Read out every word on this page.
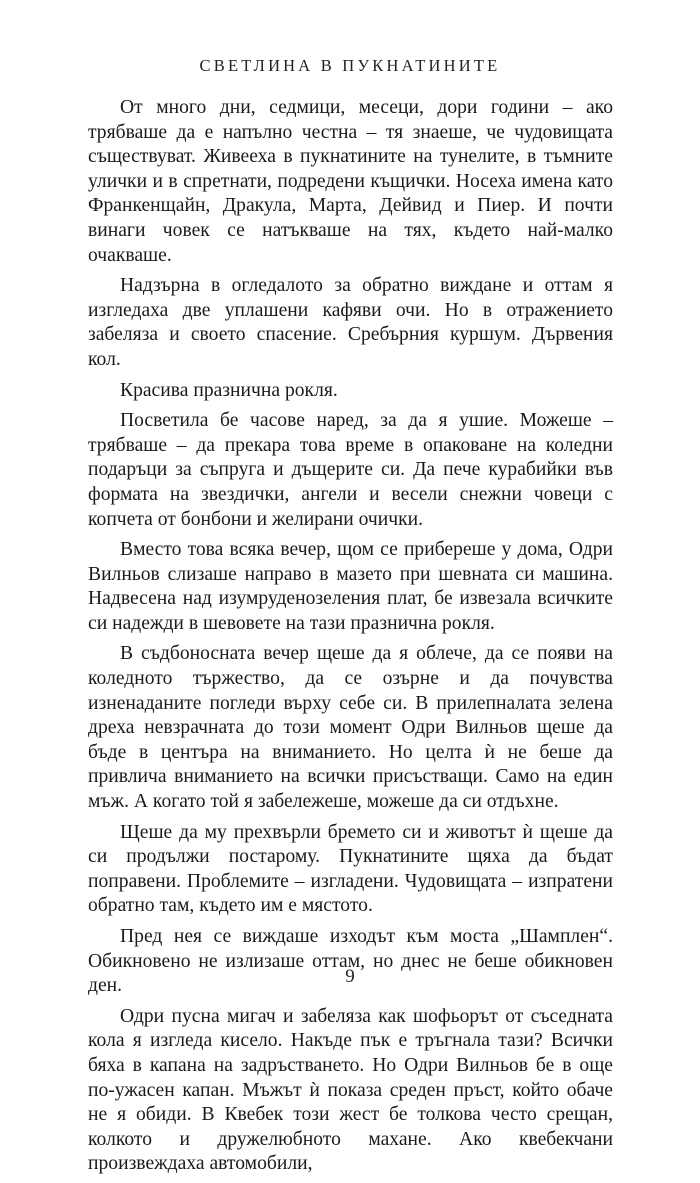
СВЕТЛИНА В ПУКНАТИНИТЕ

От много дни, седмици, месеци, дори години – ако трябваше да е напълно честна – тя знаеше, че чудовищата съществуват. Живееха в пукнатините на тунелите, в тъмните улички и в спретнати, подредени къщички. Носеха имена като Франкенщайн, Дракула, Марта, Дейвид и Пиер. И почти винаги човек се натъкваше на тях, където най-малко очакваше.

Надзърна в огледалото за обратно виждане и оттам я изгледаха две уплашени кафяви очи. Но в отражението забеляза и своето спасение. Сребърния куршум. Дървения кол.

Красива празнична рокля.

Посветила бе часове наред, за да я ушие. Можеше – трябваше – да прекара това време в опаковане на коледни подаръци за съпруга и дъщерите си. Да пече курабийки във формата на звездички, ангели и весели снежни човеци с копчета от бонбони и желирани очички.

Вместо това всяка вечер, щом се прибереше у дома, Одри Вилньов слизаше направо в мазето при шевната си машина. Надвесена над изумруденозеления плат, бе извезала всичките си надежди в шевовете на тази празнична рокля.

В съдбоносната вечер щеше да я облече, да се появи на коледното тържество, да се озърне и да почувства изненаданите погледи върху себе си. В прилепналата зелена дреха невзрачната до този момент Одри Вилньов щеше да бъде в центъра на вниманието. Но целта ѝ не беше да привлича вниманието на всички присъстващи. Само на един мъж. А когато той я забележеше, можеше да си отдъхне.

Щеше да му прехвърли бремето си и животът ѝ щеше да си продължи постарому. Пукнатините щяха да бъдат поправени. Проблемите – изгладени. Чудовищата – изпратени обратно там, където им е мястото.

Пред нея се виждаше изходът към моста „Шамплен“. Обикновено не излизаше оттам, но днес не беше обикновен ден.

Одри пусна мигач и забеляза как шофьорът от съседната кола я изгледа кисело. Накъде пък е тръгнала тази? Всички бяха в капана на задръстването. Но Одри Вилньов бе в още по-ужасен капан. Мъжът ѝ показа среден пръст, който обаче не я обиди. В Квебек този жест бе толкова често срещан, колкото и дружелюбното махане. Ако квебекчани произвеждаха автомобили,

9
